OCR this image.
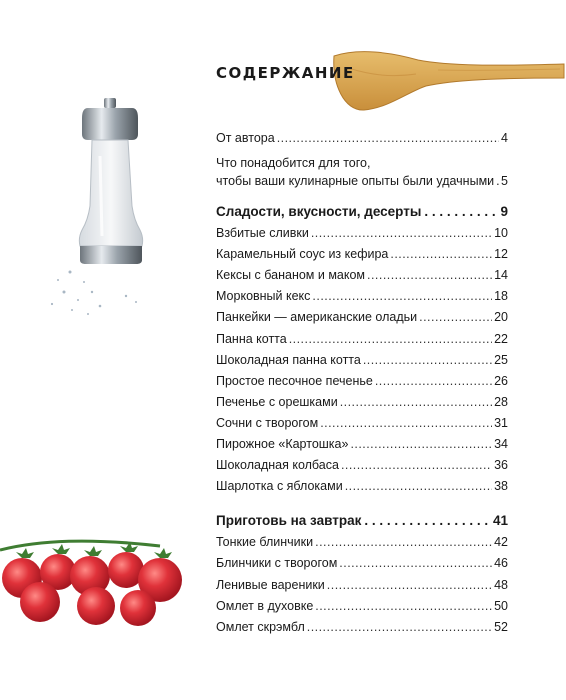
СОДЕРЖАНИЕ
От автора . . .	4
Что понадобится для того,
чтобы ваши кулинарные опыты были удачными . . . 5
Сладости, вкусности, десерты . . .	9
Взбитые сливки . . .	10
Карамельный соус из кефира . . .	12
Кексы с бананом и маком . . .	14
Морковный кекс . . .	18
Панкейки — американские оладьи . . .	20
Панна котта . . .	22
Шоколадная панна котта . . .	25
Простое песочное печенье . . .	26
Печенье с орешками . . .	28
Сочни с творогом . . .	31
Пирожное «Картошка» . . .	34
Шоколадная колбаса . . .	36
Шарлотка с яблоками . . .	38
Приготовь на завтрак . . .	41
Тонкие блинчики . . .	42
Блинчики с творогом . . .	46
Ленивые вареники . . .	48
Омлет в духовке . . .	50
Омлет скрэмбл . . .	52
